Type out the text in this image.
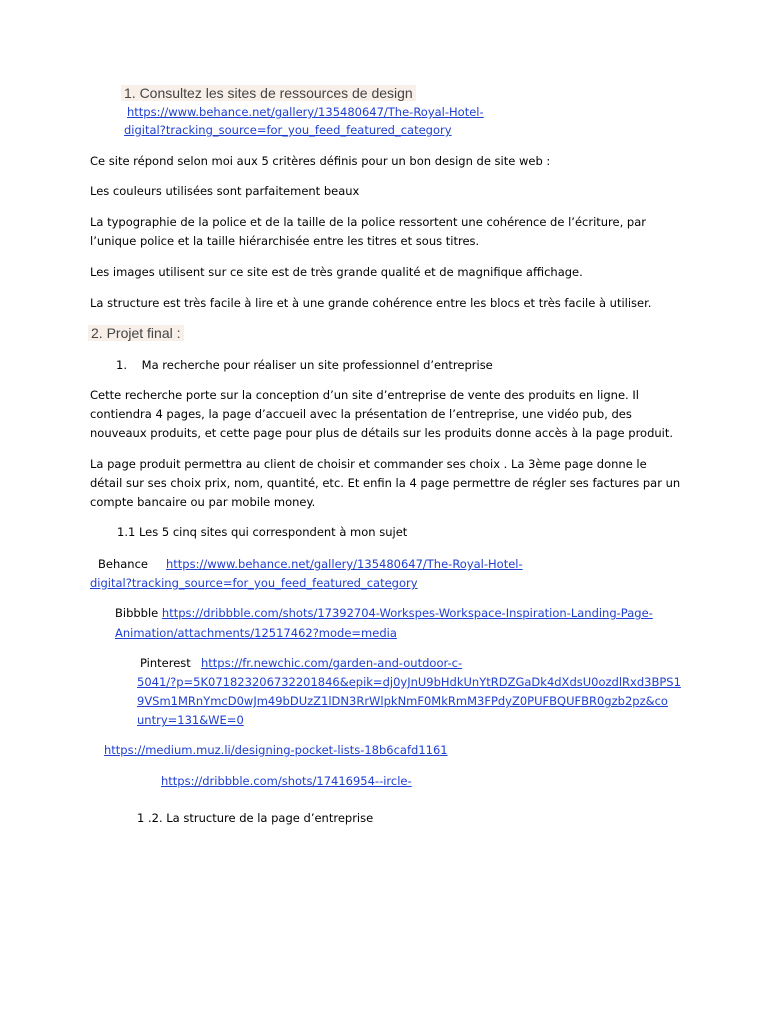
1. Consultez les sites de ressources de design
https://www.behance.net/gallery/135480647/The-Royal-Hotel-
digital?tracking_source=for_you_feed_featured_category
Ce site répond selon moi aux 5 critères définis pour un bon design de site web :
Les couleurs utilisées sont parfaitement beaux
La typographie de la police et de la taille de la police ressortent une cohérence de l’écriture, par
l’unique police et la taille hiérarchisée entre les titres et sous titres.
Les images utilisent sur ce site est de très grande qualité et de magnifique affichage.
La structure est très facile à lire et à une grande cohérence entre les blocs et très facile à utiliser.
2. Projet final :
1. Ma recherche pour réaliser un site professionnel d’entreprise
Cette recherche porte sur la conception d’un site d’entreprise de vente des produits en ligne. Il
contiendra 4 pages, la page d’accueil avec la présentation de l’entreprise, une vidéo pub, des
nouveaux produits, et cette page pour plus de détails sur les produits donne accès à la page produit.
La page produit permettra au client de choisir et commander ses choix . La 3ème page donne le
détail sur ses choix prix, nom, quantité, etc. Et enfin la 4 page permettre de régler ses factures par un
compte bancaire ou par mobile money.
1.1 Les 5 cinq sites qui correspondent à mon sujet
Behance https://www.behance.net/gallery/135480647/The-Royal-Hotel-
digital?tracking_source=for_you_feed_featured_category
Bibbble https://dribbble.com/shots/17392704-Workspes-Workspace-Inspiration-Landing-Page-
Animation/attachments/12517462?mode=media
Pinterest https://fr.newchic.com/garden-and-outdoor-c-
5041/?p=5K071823206732201846&epik=dj0yJnU9bHdkUnYtRDZGaDk4dXdsU0ozdlRxd3BPS1
9VSm1MRnYmcD0wJm49bDUzZ1lDN3RrWlpkNmF0MkRmM3FPdyZ0PUFBQUFBR0gzb2pz&co
untry=131&WE=0
https://medium.muz.li/designing-pocket-lists-18b6cafd1161
https://dribbble.com/shots/17416954--ircle-
1 .2. La structure de la page d’entreprise
